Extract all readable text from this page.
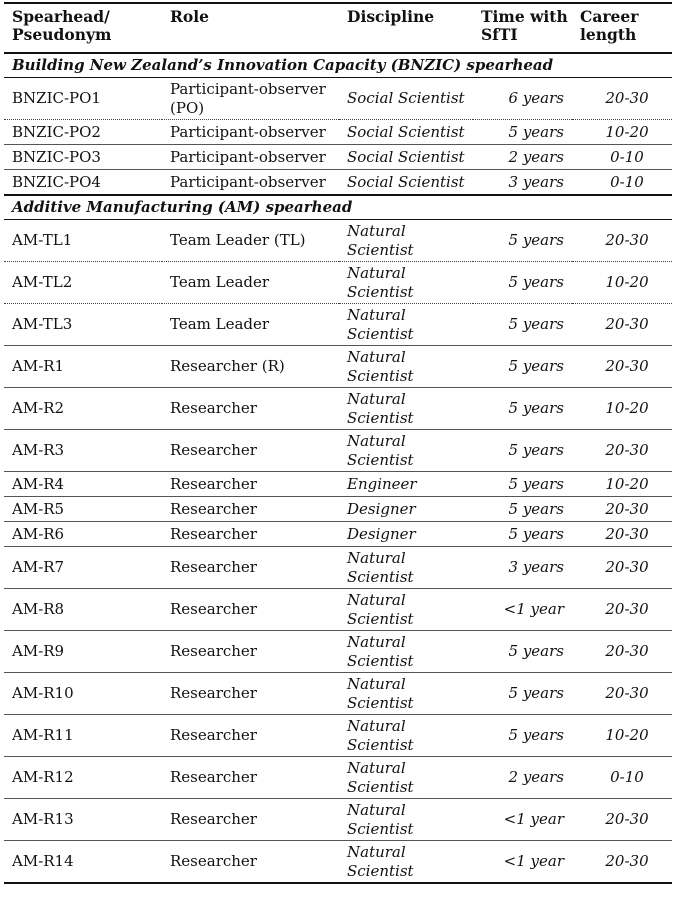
Spearhead/ Pseudonym	Role	Discipline	Time with SfTI	Career length
Building New Zealand’s Innovation Capacity (BNZIC) spearhead				
BNZIC-PO1	Participant-observer (PO)	Social Scientist	6 years	20-30
BNZIC-PO2	Participant-observer	Social Scientist	5 years	10-20
BNZIC-PO3	Participant-observer	Social Scientist	2 years	0-10
BNZIC-PO4	Participant-observer	Social Scientist	3 years	0-10
Additive Manufacturing (AM) spearhead				
AM-TL1	Team Leader (TL)	Natural Scientist	5 years	20-30
AM-TL2	Team Leader	Natural Scientist	5 years	10-20
AM-TL3	Team Leader	Natural Scientist	5 years	20-30
AM-R1	Researcher (R)	Natural Scientist	5 years	20-30
AM-R2	Researcher	Natural Scientist	5 years	10-20
AM-R3	Researcher	Natural Scientist	5 years	20-30
AM-R4	Researcher	Engineer	5 years	10-20
AM-R5	Researcher	Designer	5 years	20-30
AM-R6	Researcher	Designer	5 years	20-30
AM-R7	Researcher	Natural Scientist	3 years	20-30
AM-R8	Researcher	Natural Scientist	<1 year	20-30
AM-R9	Researcher	Natural Scientist	5 years	20-30
AM-R10	Researcher	Natural Scientist	5 years	20-30
AM-R11	Researcher	Natural Scientist	5 years	10-20
AM-R12	Researcher	Natural Scientist	2 years	0-10
AM-R13	Researcher	Natural Scientist	<1 year	20-30
AM-R14	Researcher	Natural Scientist	<1 year	20-30
